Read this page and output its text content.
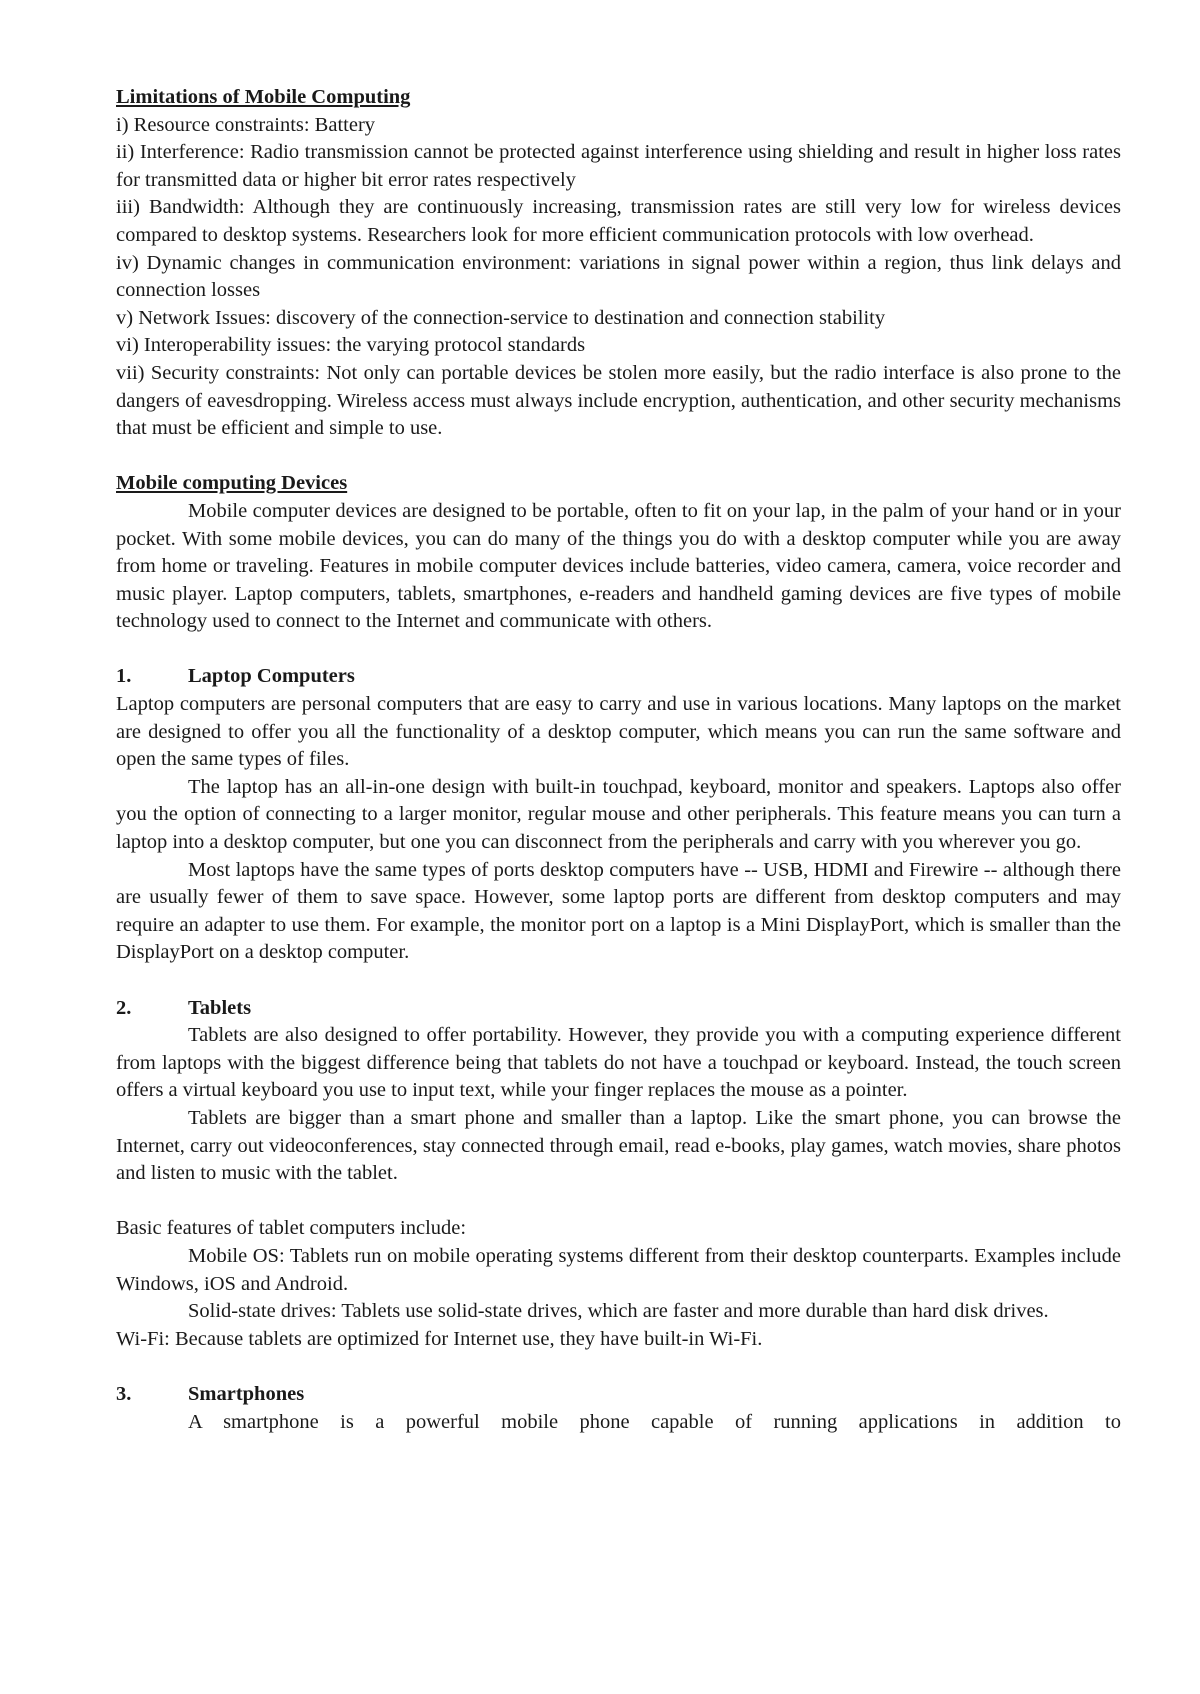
Limitations of Mobile Computing

i) Resource constraints: Battery

ii) Interference: Radio transmission cannot be protected against interference using shielding and result in higher loss rates for transmitted data or higher bit error rates respectively

iii) Bandwidth: Although they are continuously increasing, transmission rates are still very low for wireless devices compared to desktop systems. Researchers look for more efficient communication protocols with low overhead.

iv) Dynamic changes in communication environment: variations in signal power within a region, thus link delays and connection losses

v) Network Issues: discovery of the connection-service to destination and connection stability

vi) Interoperability issues: the varying protocol standards

vii) Security constraints: Not only can portable devices be stolen more easily, but the radio interface is also prone to the dangers of eavesdropping. Wireless access must always include encryption, authentication, and other security mechanisms that must be efficient and simple to use.

Mobile computing Devices

Mobile computer devices are designed to be portable, often to fit on your lap, in the palm of your hand or in your pocket. With some mobile devices, you can do many of the things you do with a desktop computer while you are away from home or traveling. Features in mobile computer devices include batteries, video camera, camera, voice recorder and music player. Laptop computers, tablets, smartphones, e-readers and handheld gaming devices are five types of mobile technology used to connect to the Internet and communicate with others.

1.	Laptop Computers

Laptop computers are personal computers that are easy to carry and use in various locations. Many laptops on the market are designed to offer you all the functionality of a desktop computer, which means you can run the same software and open the same types of files.

The laptop has an all-in-one design with built-in touchpad, keyboard, monitor and speakers. Laptops also offer you the option of connecting to a larger monitor, regular mouse and other peripherals. This feature means you can turn a laptop into a desktop computer, but one you can disconnect from the peripherals and carry with you wherever you go.

Most laptops have the same types of ports desktop computers have -- USB, HDMI and Firewire -- although there are usually fewer of them to save space. However, some laptop ports are different from desktop computers and may require an adapter to use them. For example, the monitor port on a laptop is a Mini DisplayPort, which is smaller than the DisplayPort on a desktop computer.

2.	Tablets

Tablets are also designed to offer portability. However, they provide you with a computing experience different from laptops with the biggest difference being that tablets do not have a touchpad or keyboard. Instead, the touch screen offers a virtual keyboard you use to input text, while your finger replaces the mouse as a pointer.

Tablets are bigger than a smart phone and smaller than a laptop. Like the smart phone, you can browse the Internet, carry out videoconferences, stay connected through email, read e-books, play games, watch movies, share photos and listen to music with the tablet.

Basic features of tablet computers include:

Mobile OS: Tablets run on mobile operating systems different from their desktop counterparts. Examples include Windows, iOS and Android.

Solid-state drives: Tablets use solid-state drives, which are faster and more durable than hard disk drives.

Wi-Fi: Because tablets are optimized for Internet use, they have built-in Wi-Fi.

3.	Smartphones

A smartphone is a powerful mobile phone capable of running applications in addition to
